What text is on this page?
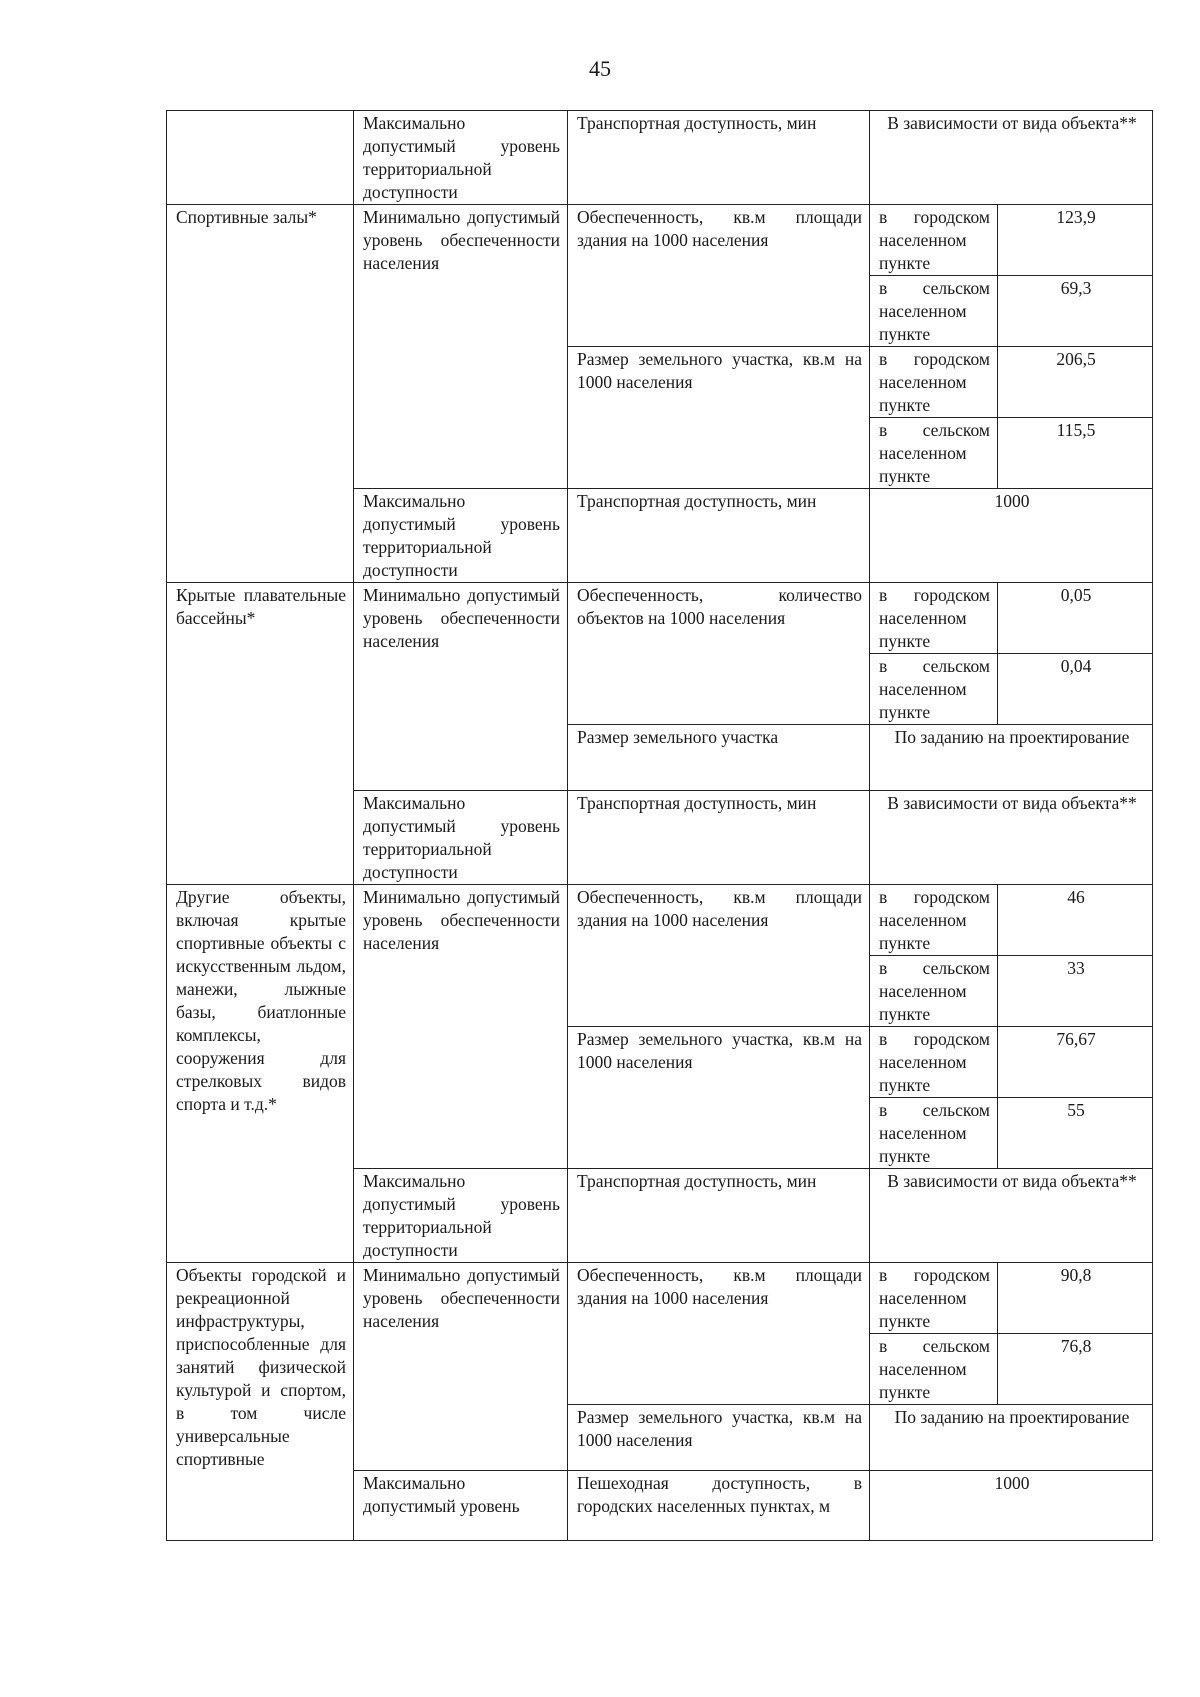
45
	Максимально допустимый уровень территориальной доступности	Транспортная доступность, мин	В зависимости от вида объекта**	
Спортивные залы*	Минимально допустимый уровень обеспеченности населения	Обеспеченность, кв.м площади здания на 1000 населения	в городском населенном пункте	123,9
			в сельском населенном пункте	69,3
		Размер земельного участка, кв.м на 1000 населения	в городском населенном пункте	206,5
			в сельском населенном пункте	115,5
	Максимально допустимый уровень территориальной доступности	Транспортная доступность, мин	1000	
Крытые плавательные бассейны*	Минимально допустимый уровень обеспеченности населения	Обеспеченность, количество объектов на 1000 населения	в городском населенном пункте	0,05
			в сельском населенном пункте	0,04
		Размер земельного участка	По заданию на проектирование	
	Максимально допустимый уровень территориальной доступности	Транспортная доступность, мин	В зависимости от вида объекта**	
Другие объекты, включая крытые спортивные объекты с искусственным льдом, манежи, лыжные базы, биатлонные комплексы, сооружения для стрелковых видов спорта и т.д.*	Минимально допустимый уровень обеспеченности населения	Обеспеченность, кв.м площади здания на 1000 населения	в городском населенном пункте	46
			в сельском населенном пункте	33
		Размер земельного участка, кв.м на 1000 населения	в городском населенном пункте	76,67
			в сельском населенном пункте	55
	Максимально допустимый уровень территориальной доступности	Транспортная доступность, мин	В зависимости от вида объекта**	
Объекты городской и рекреационной инфраструктуры, приспособленные для занятий физической культурой и спортом, в том числе универсальные спортивные	Минимально допустимый уровень обеспеченности населения	Обеспеченность, кв.м площади здания на 1000 населения	в городском населенном пункте	90,8
			в сельском населенном пункте	76,8
		Размер земельного участка, кв.м на 1000 населения	По заданию на проектирование	
	Максимально допустимый уровень	Пешеходная доступность, в городских населенных пунктах, м	1000	
